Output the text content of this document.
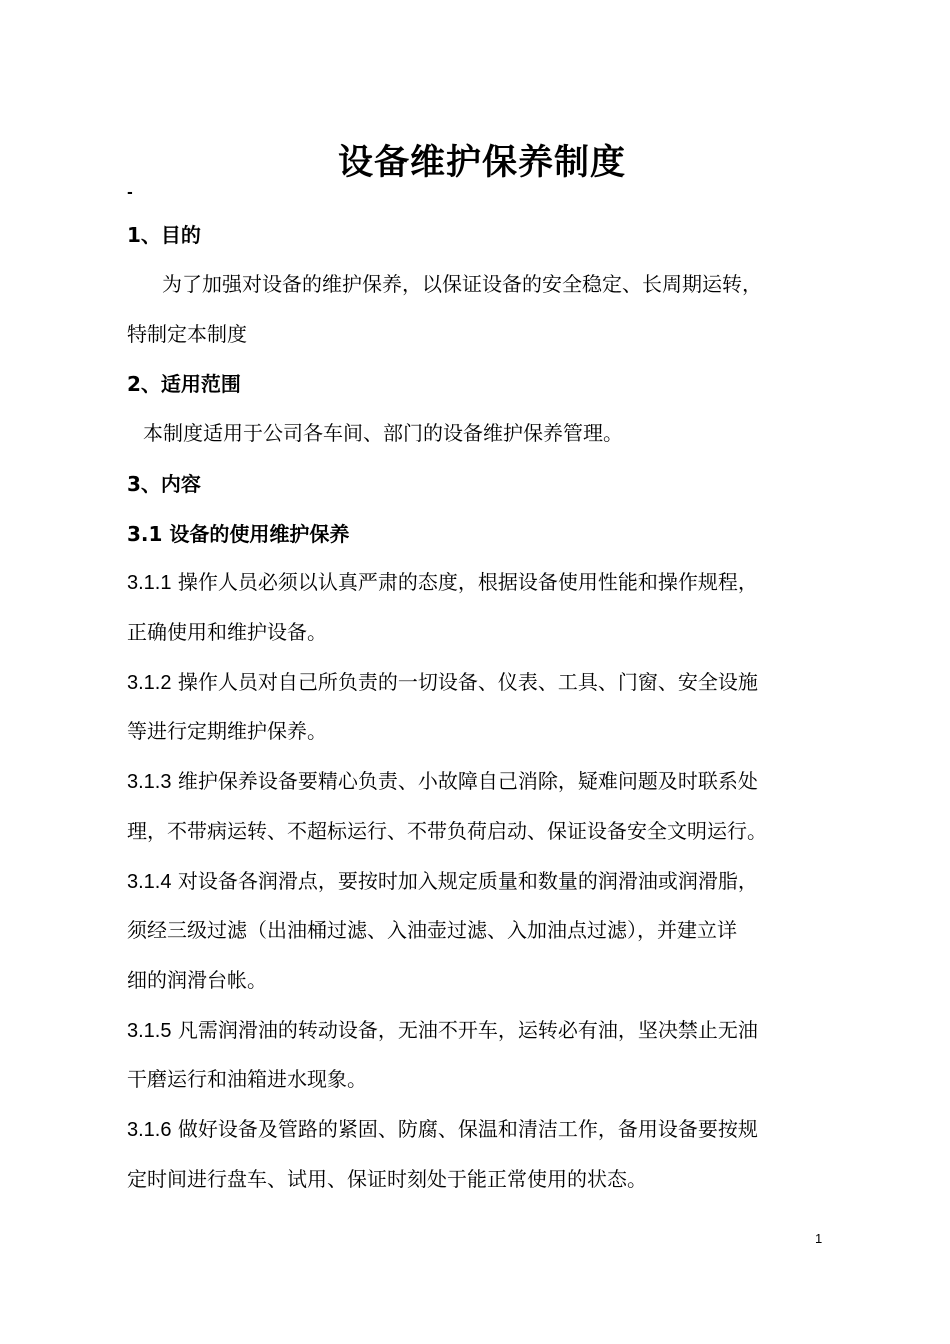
设备维护保养制度
-
1、目的

为了加强对设备的维护保养，以保证设备的安全稳定、长周期运转，

特制定本制度

2、适用范围

本制度适用于公司各车间、部门的设备维护保养管理。

3、内容
3.1 设备的使用维护保养

3.1.1 操作人员必须以认真严肃的态度，根据设备使用性能和操作规程，

正确使用和维护设备。

3.1.2 操作人员对自己所负责的一切设备、仪表、工具、门窗、安全设施

等进行定期维护保养。

3.1.3 维护保养设备要精心负责、小故障自己消除，疑难问题及时联系处

理，不带病运转、不超标运行、不带负荷启动、保证设备安全文明运行。

3.1.4 对设备各润滑点，要按时加入规定质量和数量的润滑油或润滑脂，

须经三级过滤（出油桶过滤、入油壶过滤、入加油点过滤），并建立详

细的润滑台帐。

3.1.5 凡需润滑油的转动设备，无油不开车，运转必有油，坚决禁止无油

干磨运行和油箱进水现象。

3.1.6 做好设备及管路的紧固、防腐、保温和清洁工作，备用设备要按规

定时间进行盘车、试用、保证时刻处于能正常使用的状态。

1
